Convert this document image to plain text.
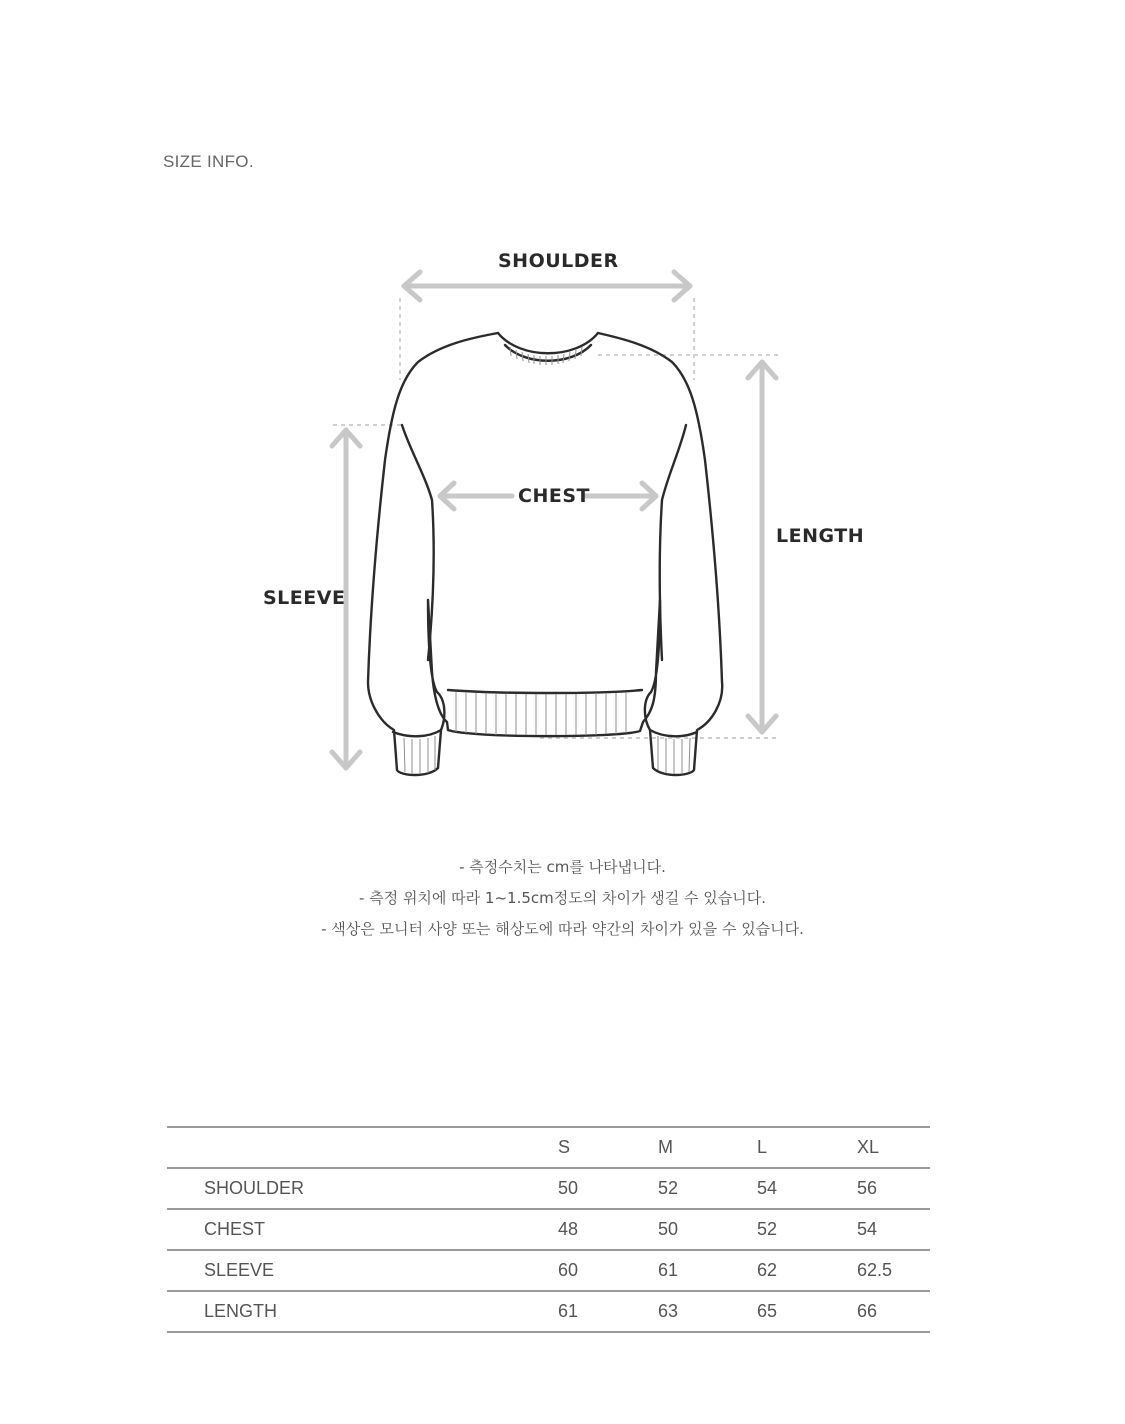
SIZE INFO.
SHOULDER
CHEST
LENGTH
SLEEVE
- 측정수치는 cm를 나타냅니다.
- 측정 위치에 따라 1~1.5cm정도의 차이가 생길 수 있습니다.
- 색상은 모니터 사양 또는 해상도에 따라 약간의 차이가 있을 수 있습니다.
	S	M	L	XL
SHOULDER	50	52	54	56
CHEST	48	50	52	54
SLEEVE	60	61	62	62.5
LENGTH	61	63	65	66
